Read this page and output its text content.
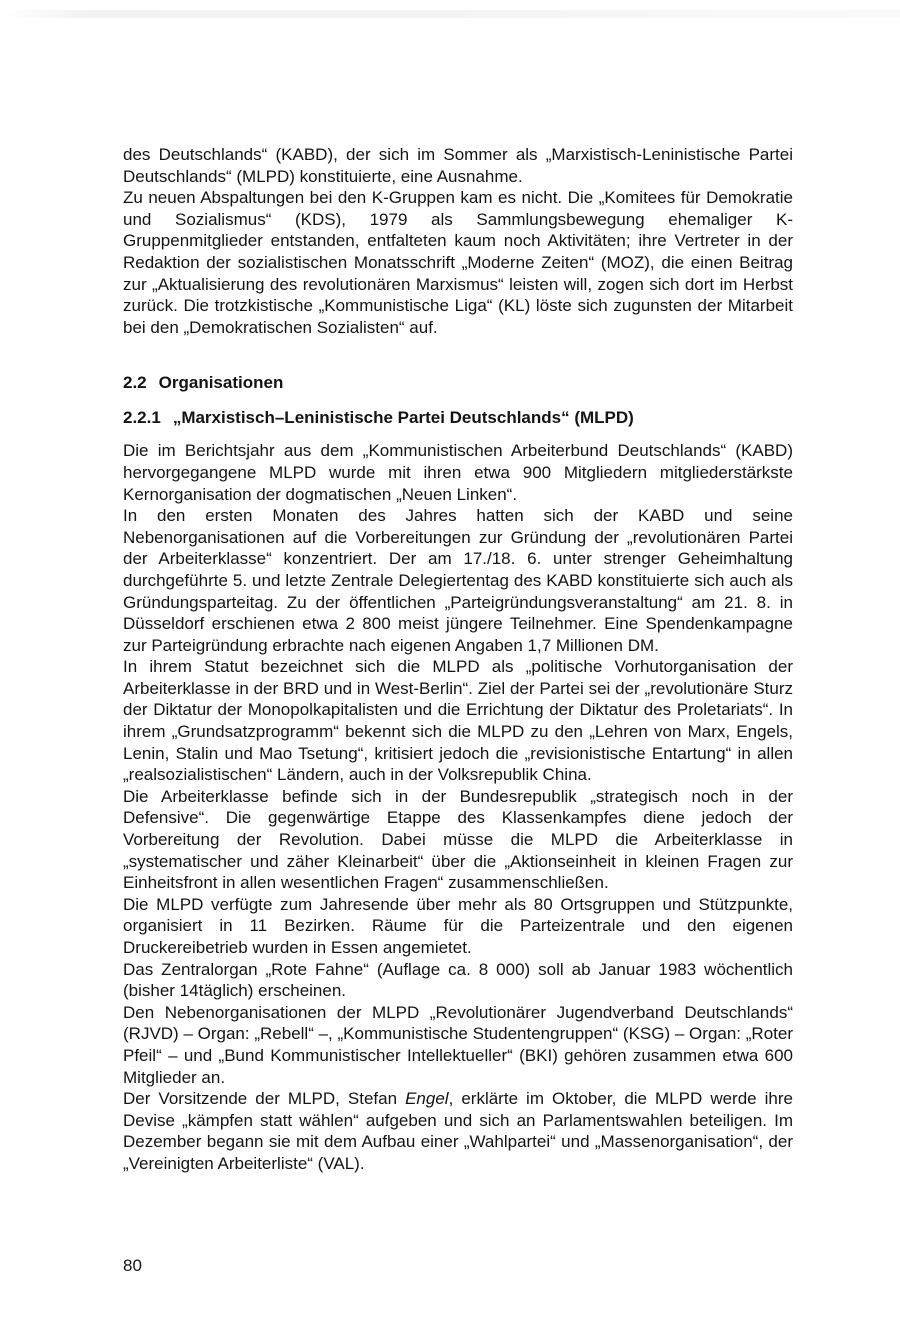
des Deutschlands“ (KABD), der sich im Sommer als „Marxistisch-Leninistische Partei Deutschlands“ (MLPD) konstituierte, eine Ausnahme.
Zu neuen Abspaltungen bei den K-Gruppen kam es nicht. Die „Komitees für Demokratie und Sozialismus“ (KDS), 1979 als Sammlungsbewegung ehemaliger K-Gruppenmitglieder entstanden, entfalteten kaum noch Aktivitäten; ihre Vertreter in der Redaktion der sozialistischen Monatsschrift „Moderne Zeiten“ (MOZ), die einen Beitrag zur „Aktualisierung des revolutionären Marxismus“ leisten will, zogen sich dort im Herbst zurück. Die trotzkistische „Kommunistische Liga“ (KL) löste sich zugunsten der Mitarbeit bei den „Demokratischen Sozialisten“ auf.

2.2 Organisationen
2.2.1 „Marxistisch–Leninistische Partei Deutschlands“ (MLPD)

Die im Berichtsjahr aus dem „Kommunistischen Arbeiterbund Deutschlands“ (KABD) hervorgegangene MLPD wurde mit ihren etwa 900 Mitgliedern mitgliederstärkste Kernorganisation der dogmatischen „Neuen Linken“.

In den ersten Monaten des Jahres hatten sich der KABD und seine Nebenorganisationen auf die Vorbereitungen zur Gründung der „revolutionären Partei der Arbeiterklasse“ konzentriert. Der am 17./18. 6. unter strenger Geheimhaltung durchgeführte 5. und letzte Zentrale Delegiertentag des KABD konstituierte sich auch als Gründungsparteitag. Zu der öffentlichen „Parteigründungsveranstaltung“ am 21. 8. in Düsseldorf erschienen etwa 2 800 meist jüngere Teilnehmer. Eine Spendenkampagne zur Parteigründung erbrachte nach eigenen Angaben 1,7 Millionen DM.

In ihrem Statut bezeichnet sich die MLPD als „politische Vorhutorganisation der Arbeiterklasse in der BRD und in West-Berlin“. Ziel der Partei sei der „revolutionäre Sturz der Diktatur der Monopolkapitalisten und die Errichtung der Diktatur des Proletariats“. In ihrem „Grundsatzprogramm“ bekennt sich die MLPD zu den „Lehren von Marx, Engels, Lenin, Stalin und Mao Tsetung“, kritisiert jedoch die „revisionistische Entartung“ in allen „realsozialistischen“ Ländern, auch in der Volksrepublik China.

Die Arbeiterklasse befinde sich in der Bundesrepublik „strategisch noch in der Defensive“. Die gegenwärtige Etappe des Klassenkampfes diene jedoch der Vorbereitung der Revolution. Dabei müsse die MLPD die Arbeiterklasse in „systematischer und zäher Kleinarbeit“ über die „Aktionseinheit in kleinen Fragen zur Einheitsfront in allen wesentlichen Fragen“ zusammenschließen.

Die MLPD verfügte zum Jahresende über mehr als 80 Ortsgruppen und Stützpunkte, organisiert in 11 Bezirken. Räume für die Parteizentrale und den eigenen Druckereibetrieb wurden in Essen angemietet.

Das Zentralorgan „Rote Fahne“ (Auflage ca. 8 000) soll ab Januar 1983 wöchentlich (bisher 14täglich) erscheinen.

Den Nebenorganisationen der MLPD „Revolutionärer Jugendverband Deutschlands“ (RJVD) – Organ: „Rebell“ –, „Kommunistische Studentengruppen“ (KSG) – Organ: „Roter Pfeil“ – und „Bund Kommunistischer Intellektueller“ (BKI) gehören zusammen etwa 600 Mitglieder an.

Der Vorsitzende der MLPD, Stefan Engel, erklärte im Oktober, die MLPD werde ihre Devise „kämpfen statt wählen“ aufgeben und sich an Parlamentswahlen beteiligen. Im Dezember begann sie mit dem Aufbau einer „Wahlpartei“ und „Massenorganisation“, der „Vereinigten Arbeiterliste“ (VAL).

80
